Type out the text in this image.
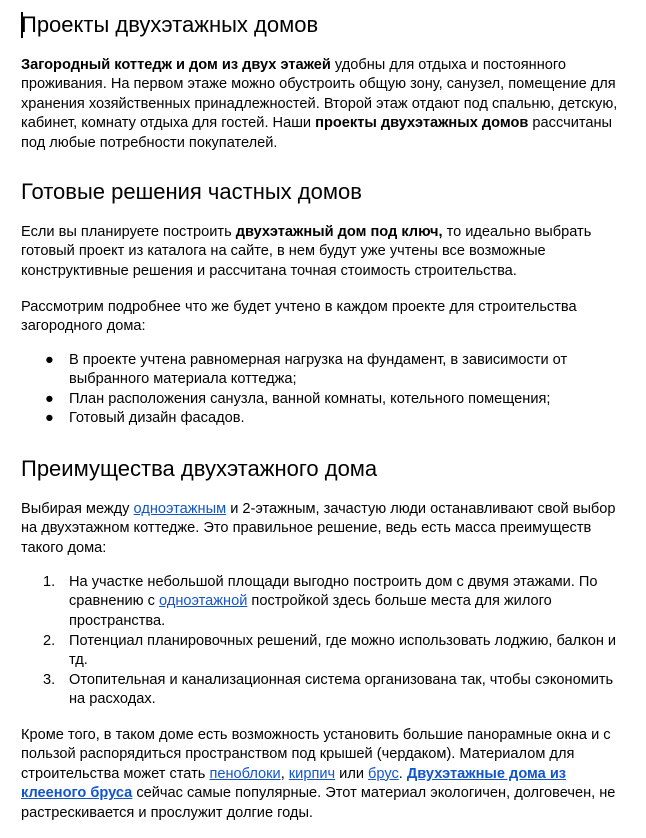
Проекты двухэтажных домов
Загородный коттедж и дом из двух этажей удобны для отдыха и постоянного
проживания. На первом этаже можно обустроить общую зону, санузел, помещение для
хранения хозяйственных принадлежностей. Второй этаж отдают под спальню, детскую,
кабинет, комнату отдыха для гостей. Наши проекты двухэтажных домов рассчитаны
под любые потребности покупателей.
Готовые решения частных домов
Если вы планируете построить двухэтажный дом под ключ, то идеально выбрать
готовый проект из каталога на сайте, в нем будут уже учтены все возможные
конструктивные решения и рассчитана точная стоимость строительства.
Рассмотрим подробнее что же будет учтено в каждом проекте для строительства
загородного дома:
● В проекте учтена равномерная нагрузка на фундамент, в зависимости от
выбранного материала коттеджа;
● План расположения санузла, ванной комнаты, котельного помещения;
● Готовый дизайн фасадов.
Преимущества двухэтажного дома
Выбирая между одноэтажным и 2-этажным, зачастую люди останавливают свой выбор
на двухэтажном коттедже. Это правильное решение, ведь есть масса преимуществ
такого дома:
1. На участке небольшой площади выгодно построить дом с двумя этажами. По
сравнению с одноэтажной постройкой здесь больше места для жилого
пространства.
2. Потенциал планировочных решений, где можно использовать лоджию, балкон и
тд.
3. Отопительная и канализационная система организована так, чтобы сэкономить
на расходах.
Кроме того, в таком доме есть возможность установить большие панорамные окна и с
пользой распорядиться пространством под крышей (чердаком). Материалом для
строительства может стать пеноблоки, кирпич или брус. Двухэтажные дома из
клееного бруса сейчас самые популярные. Этот материал экологичен, долговечен, не
растрескивается и прослужит долгие годы.
